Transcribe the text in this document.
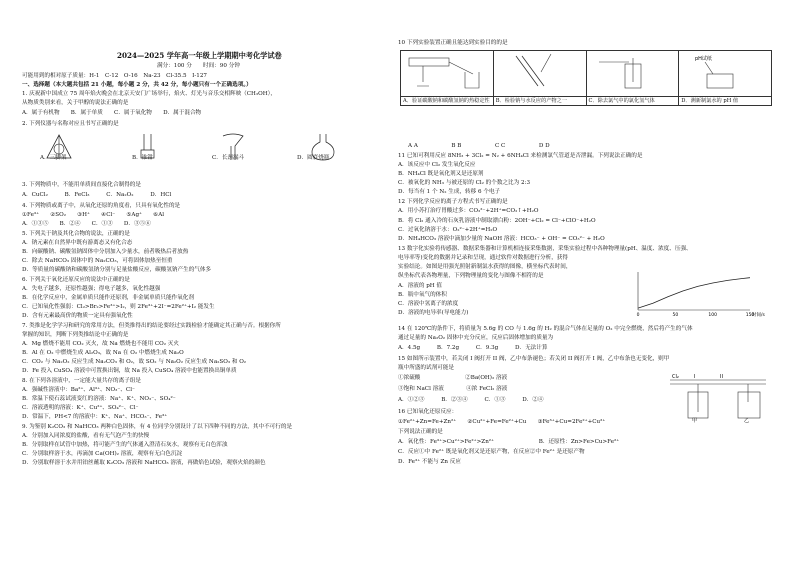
2024—2025 学年高一年级上学期期中考化学试卷
满分：100 分　　时间：90 分钟
可能用到的相对原子质量：H-1　C-12　O-16　Na-23　Cl-35.5　I-127
一、选择题（本大题共包括 21 小题，每小题 2 分，共 42 分，每小题只有一个正确选项。）
1. 庆祝新中国成立 75 周年焰火晚会在北京天安门广场举行，焰火、灯光与音乐交相辉映（CH₃OH），
从物质类别来看，关于甲醇的说法正确的是
A．属于有机物　　B．属于单质　　C．属于氧化物　　D．属于混合物
2. 下列仪器与名称对应且书写正确的是
A．三脚架	B．锥钳	C．长颈漏斗	D．圆底烧瓶
3. 下列物质中，不能用单质间直接化合制得的是
A．CuCl₂　　　B．FeCl₃　　　C．Na₂O₂　　　D．HCl
4. 下列物质或离子中，从氧化还原的角度看，只具有氧化性的是
①Fe³⁺　　②SO₂　　③H⁺　　④Cl⁻　　⑤Ag⁺　　⑥Al
A．①③⑤　　B．②④　　C．①③　　D．③⑤⑥
5. 下列关于钠及其化合物的说法，正确的是
A．钠元素在自然界中既有游离态又有化合态
B．向碳酸钠、碳酸氢钠固体中分别加入少量水，前者吸热后者放热
C．除去 NaHCO₃ 固体中的 Na₂CO₃，可将固体加热至恒重
D．等质量的碳酸钠和碳酸氢钠分别与足量盐酸反应，碳酸氢钠产生的气体多
6. 下列关于氧化还原反应的说法中正确的是
A．失电子越多，还原性越强；得电子越多，氧化性越强
B．在化学反应中，金属单质只能作还原剂，非金属单质只能作氧化剂
C．已知氧化性强弱：Cl₂>Br₂>Fe³⁺>I₂，则 2Fe³⁺+2I⁻=2Fe²⁺+I₂ 能发生
D．含有元素最高价的物质一定具有强氧化性
7. 类推是化学学习和研究的常用方法，但类推得出的结论要经过实践检验才能确定其正确与否。根据你所
掌握的知识，判断下列类推结论中正确的是
A．Mg 燃烧不能用 CO₂ 灭火，故 Na 燃烧也不能用 CO₂ 灭火
B．Al 在 O₂ 中燃烧生成 Al₂O₃，故 Na 在 O₂ 中燃烧生成 Na₂O
C．CO₂ 与 Na₂O₂ 反应生成 Na₂CO₃ 和 O₂，故 SO₂ 与 Na₂O₂ 反应生成 Na₂SO₃ 和 O₂
D．Fe 投入 CuSO₄ 溶液中可置换出铜，故 Na 投入 CuSO₄ 溶液中也能置换出铜单质
8. 在下列各溶液中，一定能大量共存的离子组是
A．强碱性溶液中：Ba²⁺、Al³⁺、NO₃⁻、Cl⁻
B．常温下使石蕊试液变红的溶液：Na⁺、K⁺、NO₃⁻、SO₄²⁻
C．溶液透明的溶液：K⁺、Cu²⁺、SO₄²⁻、Cl⁻
D．常温下，PH<7 的溶液中：K⁺、Na⁺、HCO₃⁻、Fe³⁺
9. 为鉴别 K₂CO₃ 和 NaHCO₃ 两种白色固体，有 4 位同学分别设计了以下四种不同的方法，其中不可行的是
A．分别加入同浓度的盐酸，看有无气泡产生的快慢
B．分别取样在试管中加热，将可能产生的气体通入澄清石灰水，观察有无白色浑浊
C．分别取样溶于水，再滴加 Ca(OH)₂ 溶液，观察有无白色沉淀
D．分别取样溶于水并用铂丝蘸取 K₂CO₃ 溶液和 NaHCO₃ 溶液，再做焰色试验，观察火焰的颜色
10 下列实验装置正确且能达到实验目的的是

pH试纸

A．验证碳酸钠和碳酸氢钠的热稳定性	B．检验钠与水反应的产物之一	C．除去氯气中的氯化氢气体	D．测新制氯水的 pH 值
A A　　　　　　B B　　　　　　C C　　　　　　D D
11 已知可利用反应 8NH₃ + 3Cl₂ = N₂ + 6NH₄Cl 来检测氯气管道是否泄漏。下列说法正确的是
A．该反应中 Cl₂ 发生氧化反应
B．NH₄Cl 既是氧化剂又是还原剂
C．被氧化的 NH₃ 与被还原的 Cl₂ 的个数之比为 2:3
D．每当有 1 个 N₂ 生成，转移 6 个电子
12 下列化学反应的离子方程式书写正确的是
A．用小苏打治疗胃酸过多：CO₃²⁻+2H⁺=CO₂↑+H₂O
B．将 Cl₂ 通入冷的石灰乳溶液中制取漂白粉：2OH⁻+Cl₂ = Cl⁻+ClO⁻+H₂O
C．过氧化钠溶于水：O₂²⁻+2H⁺=H₂O
D．NH₄HCO₃ 溶液中滴加少量的 NaOH 溶液：HCO₃⁻ + OH⁻ = CO₃²⁻ + H₂O
13 数字化实验将传感器、数据采集器和计算机相连接采集数据，采集实验过程中各种物理量(pH、温度、浓度、压强、
电导率等)变化的数据并记录和呈现，通过软件对数据进行分析，获得
实验结论。如图是用强光照射新制氯水获得的图像，横坐标代表时间，
纵坐标代表各物理量，下列物理量的变化与图像不相符的是
A．溶液的 pH 值
B．瓶中氧气的体积
C．溶液中氢离子的浓度
D．溶液的电导率(导电能力)	0	50	100	150
时间/s
14 在 120℃的条件下，将质量为 5.6g 的 CO 与 1.6g 的 H₂ 的混合气体在足量的 O₂ 中完全燃烧，然后将产生的气体
通过足量的 Na₂O₂ 固体中充分反应，反应后固体增加的质量为
A．4.5g　　　B．7.2g　　　C．9.3g　　　D．无法计算
15 如图所示装置中，若关闭 I 阀打开 II 阀，乙中布条褪色；若关闭 II 阀打开 I 阀，乙中布条也无变化，则甲
瓶中所盛的试剂可能是
①浓硫酸　　　　　　　　②Ba(OH)₂ 溶液
③饱和 NaCl 溶液　　　　④浓 FeCl₂ 溶液
A．①②③　　　B．②③④　　　C．①③　　　D．②④
Cl₂	I	II
甲	乙
16 已知氧化还原反应：
①Fe²⁺+Zn=Fe+Zn²⁺　　②Cu²⁺+Fe=Fe²⁺+Cu　　③Fe³⁺+Cu=2Fe²⁺+Cu²⁺
下列说法正确的是
A．氧化性：Fe³⁺>Cu²⁺>Fe²⁺>Zn²⁺　　　　　　　　B．还原性：Zn>Fe>Cu>Fe²⁺
C．反应①中 Fe²⁺ 既是氧化剂又是还原产物，在反应②中 Fe²⁺ 是还原产物
D．Fe³⁺ 不能与 Zn 反应
